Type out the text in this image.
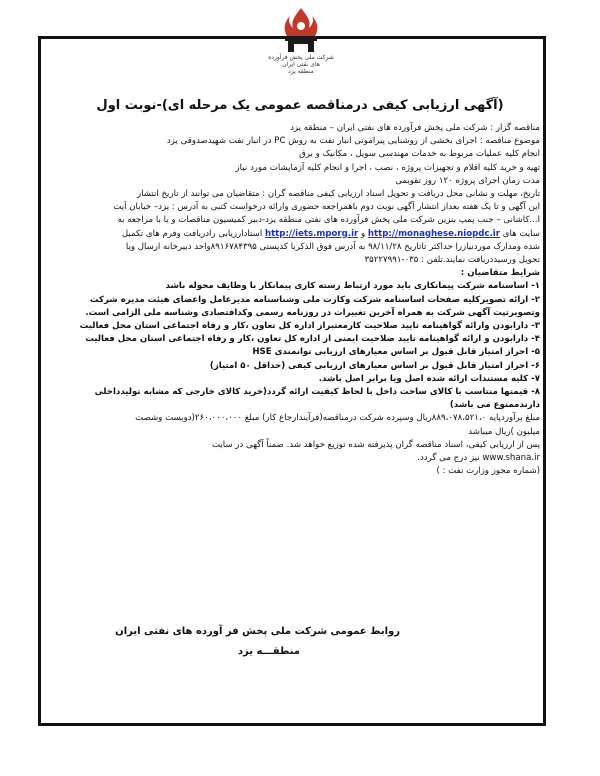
شرکت ملی پخش فرآورده های نفتی ایران
منطقه یزد
(آگهی ارزیابی کیفی درمناقصه عمومی یک مرحله ای)-نوبت اول

مناقصه گزار : شرکت ملی پخش فرآورده های نفتی ایران – منطقه یزد

موضوع مناقصه : اجرای بخشی از روشنایی پیرامونی انبار نفت به روش PC در انبار نفت شهیدصدوقی یزد

انجام کلیه عملیات مربوط به خدمات مهندسی سویل ، مکانیک و برق

تهیه و خرید کلیه اقلام و تجهیزات پروژه ، نصب ، اجرا و انجام کلیه آزمایشات مورد نیاز

مدت زمان اجرای پروژه ۱۲۰ روز تقویمی

تاریخ، مهلت و نشانی محل دریافت و تحویل اسناد ارزیابی کیفی مناقصه گران : متقاضیان می توانند از تاریخ انتشار

این آگهی و تا یک هفته بعداز انتشار آگهی نوبت دوم باهمراجعه حضوری وارائه درخواست کتبی به آدرس : یزد– خیابان آیت

ا...کاشانی – جنب پمپ بنزین شرکت ملی پخش فرآورده های نفتی منطقه یزد-دبیر کمیسیون مناقصات و یا با مراجعه به

سایت های http://monaghese.niopdc.ir و http://iets.mporg.ir استادارزیابی رادریافت وفرم های تکمیل

شده ومدارک موردنیازرا حداکثر تاتاریخ ۹۸/۱۱/۲۸ به آدرس فوق الذکربا کدپستی ۸۹۱۶۷۸۴۳۹۵واحد دبیرخانه ارسال ویا

تحویل ورسیددریافت نمایند.تلفن : ۰۳۵-۳۵۲۲۷۹۹۱

شرایط متقاضیان :

۱- اساسنامه شرکت پیمانکاری باید مورد ارتباط رسته کاری پیمانکار با وظایف محوله باشد

۲- ارائه تصویرکلیه صفحات اساسنامه شرکت وکارت ملی وشناسنامه مدیرعامل واعضای هیئت مدیره شرکت

وتصویرتپت آگهی شرکت به همراه آخرین تغییرات در روزنامه رسمی وکدافتصادی وشناسه ملی الزامی است.

۳- دارابودن وارائه گواهینامه تایید صلاحیت کارمعتبراز اداره کل تعاون ،کار و رفاه اجتماعی استان محل فعالیت

۴- دارابودن و ارائه گواهینامه تایید صلاحیت ایمنی از اداره کل تعاون ،کار و رفاه اجتماعی استان محل فعالیت

۵- احراز امتیاز قابل قبول بر اساس معیارهای ارزیابی توانمندی HSE

۶- احراز امتیاز قابل قبول بر اساس معیارهای ارزیابی کیفی (حداقل ۵۰ امتیاز)

۷- کلیه مستندات ارائه شده اصل ویا برابر اصل باشد.

۸- قیمتها منتاسب با کالای ساخت داخل با لحاظ کیفیت ارائه گردد(خرید کالای خارجی که مشابه تولیدداخلی

دارندممنوع می باشد)

مبلغ برآوردپایه ۸۸۹،۰۷۸،۵۲۱،۰ریال وسپرده شرکت درمناقصه(فرآیندارجاع کار) مبلغ ۲۶۰،۰۰۰،۰۰۰(دویست وشصت

میلیون )ریال میباشد

پس از ارزیابی کیفی، اسناد مناقصه گران پذیرفته شده توزیع خواهد شد. ضمناً آگهی در سایت

www.shana.ir نیز درج می گردد.

(شماره مجوز وزارت نفت : )

روابط عمومی شرکت ملی پخش فر آورده های نفتی ایران
منطقـــه یزد
